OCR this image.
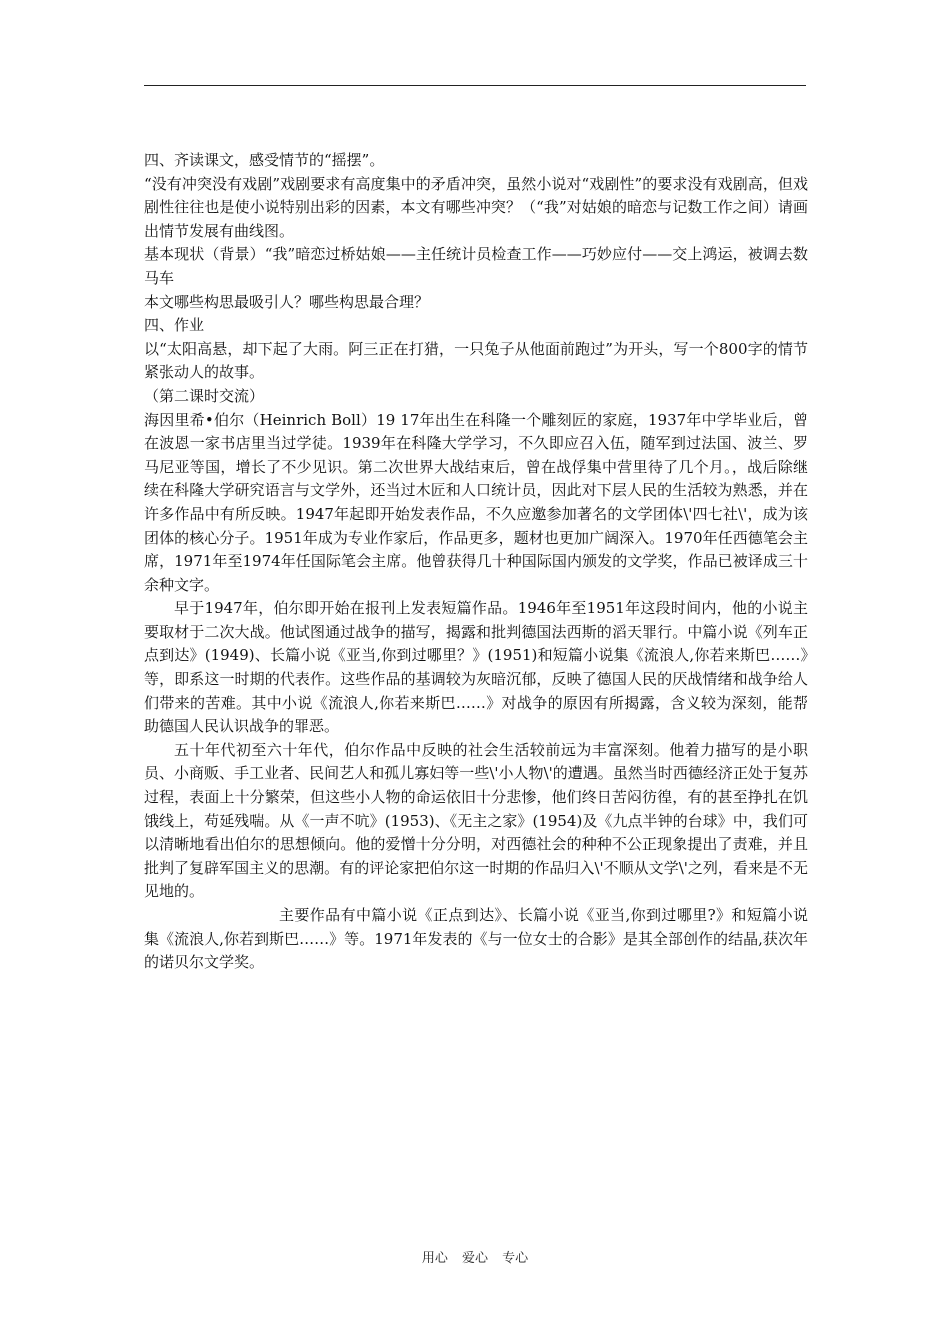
四、齐读课文，感受情节的“摇摆”。

“没有冲突没有戏剧”戏剧要求有高度集中的矛盾冲突，虽然小说对“戏剧性”的要求没有戏剧高，但戏剧性往往也是使小说特别出彩的因素，本文有哪些冲突？（“我”对姑娘的暗恋与记数工作之间）请画出情节发展有曲线图。

基本现状（背景）“我”暗恋过桥姑娘——主任统计员检查工作——巧妙应付——交上鸿运，被调去数马车

本文哪些构思最吸引人？哪些构思最合理？

四、作业

以“太阳高悬，却下起了大雨。阿三正在打猎，一只兔子从他面前跑过”为开头，写一个800字的情节紧张动人的故事。

（第二课时交流）

海因里希•伯尔（Heinrich Boll）19 17年出生在科隆一个雕刻匠的家庭，1937年中学毕业后，曾在波恩一家书店里当过学徒。1939年在科隆大学学习，不久即应召入伍，随军到过法国、波兰、罗马尼亚等国，增长了不少见识。第二次世界大战结束后，曾在战俘集中营里待了几个月。，战后除继续在科隆大学研究语言与文学外，还当过木匠和人口统计员，因此对下层人民的生活较为熟悉，并在许多作品中有所反映。1947年起即开始发表作品，不久应邀参加著名的文学团体\'四七社\'，成为该团体的核心分子。1951年成为专业作家后，作品更多，题材也更加广阔深入。1970年任西德笔会主席，1971年至1974年任国际笔会主席。他曾获得几十种国际国内颁发的文学奖，作品已被译成三十余种文字。

早于1947年，伯尔即开始在报刊上发表短篇作品。1946年至1951年这段时间内，他的小说主要取材于二次大战。他试图通过战争的描写，揭露和批判德国法西斯的滔天罪行。中篇小说《列车正点到达》(1949)、长篇小说《亚当,你到过哪里？》(1951)和短篇小说集《流浪人,你若来斯巴……》等，即系这一时期的代表作。这些作品的基调较为灰暗沉郁，反映了德国人民的厌战情绪和战争给人们带来的苦难。其中小说《流浪人,你若来斯巴……》对战争的原因有所揭露，含义较为深刻，能帮助德国人民认识战争的罪恶。

五十年代初至六十年代，伯尔作品中反映的社会生活较前远为丰富深刻。他着力描写的是小职员、小商贩、手工业者、民间艺人和孤儿寡妇等一些\'小人物\'的遭遇。虽然当时西德经济正处于复苏过程，表面上十分繁荣，但这些小人物的命运依旧十分悲惨，他们终日苦闷彷徨，有的甚至挣扎在饥饿线上，苟延残喘。从《一声不吭》(1953)、《无主之家》(1954)及《九点半钟的台球》中，我们可以清晰地看出伯尔的思想倾向。他的爱憎十分分明，对西德社会的种种不公正现象提出了责难，并且批判了复辟军国主义的思潮。有的评论家把伯尔这一时期的作品归入\'不顺从文学\'之列，看来是不无见地的。

主要作品有中篇小说《正点到达》、长篇小说《亚当,你到过哪里?》和短篇小说集《流浪人,你若到斯巴……》等。1971年发表的《与一位女士的合影》是其全部创作的结晶,获次年的诺贝尔文学奖。

用心 爱心 专心
